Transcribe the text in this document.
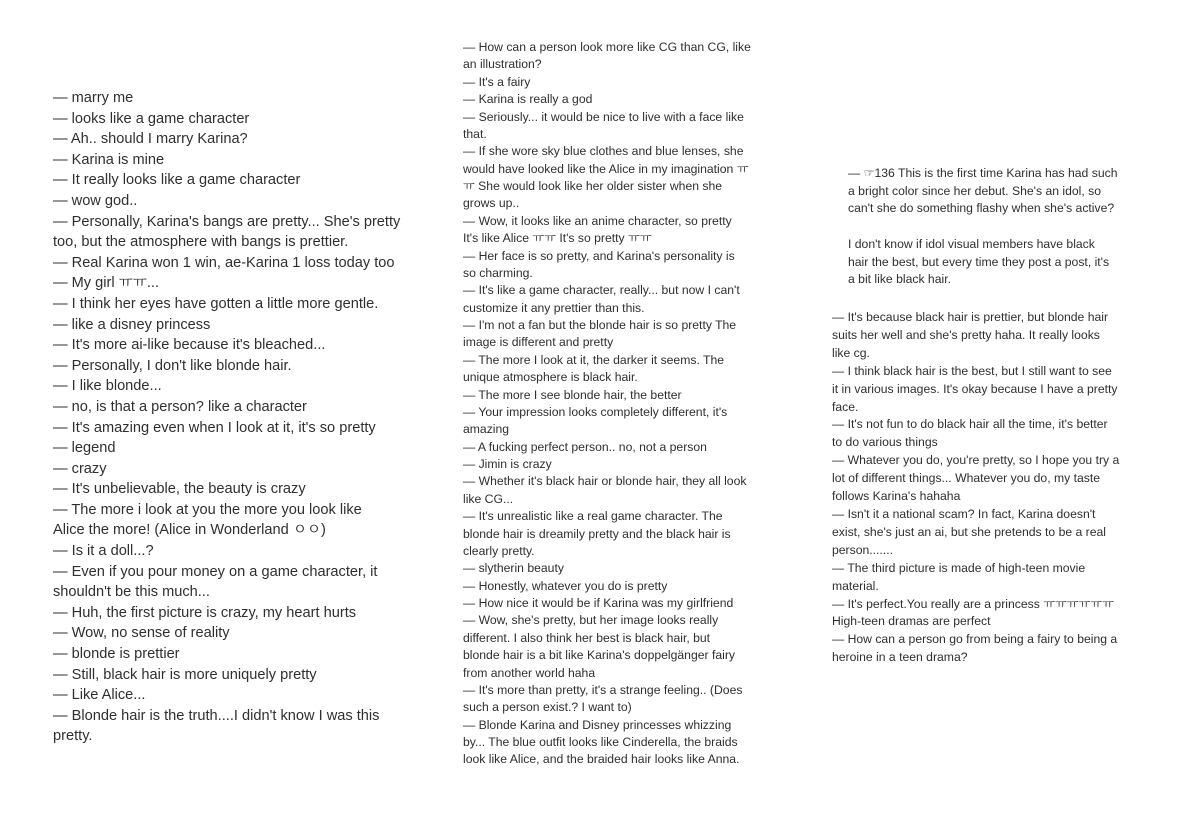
— marry me
— looks like a game character
— Ah.. should I marry Karina?
— Karina is mine
— It really looks like a game character
— wow god..
— Personally, Karina's bangs are pretty... She's pretty
too, but the atmosphere with bangs is prettier.
— Real Karina won 1 win, ae-Karina 1 loss today too
— My girl ㅠㅠ...
— I think her eyes have gotten a little more gentle.
— like a disney princess
— It's more ai-like because it's bleached...
— Personally, I don't like blonde hair.
— I like blonde...
— no, is that a person? like a character
— It's amazing even when I look at it, it's so pretty
— legend
— crazy
— It's unbelievable, the beauty is crazy
— The more i look at you the more you look like
Alice the more! (Alice in Wonderland ㅇㅇ)
— Is it a doll...?
— Even if you pour money on a game character, it
shouldn't be this much...
— Huh, the first picture is crazy, my heart hurts
— Wow, no sense of reality
— blonde is prettier
— Still, black hair is more uniquely pretty
— Like Alice...
— Blonde hair is the truth....I didn't know I was this
pretty.
— How can a person look more like CG than CG, like
an illustration?
— It's a fairy
— Karina is really a god
— Seriously... it would be nice to live with a face like
that.
— If she wore sky blue clothes and blue lenses, she
would have looked like the Alice in my imagination ㅠ
ㅠ She would look like her older sister when she
grows up..
— Wow, it looks like an anime character, so pretty
It's like Alice ㅠㅠ It's so pretty ㅠㅠ
— Her face is so pretty, and Karina's personality is
so charming.
— It's like a game character, really... but now I can't
customize it any prettier than this.
— I'm not a fan but the blonde hair is so pretty The
image is different and pretty
— The more I look at it, the darker it seems. The
unique atmosphere is black hair.
— The more I see blonde hair, the better
— Your impression looks completely different, it's
amazing
— A fucking perfect person.. no, not a person
— Jimin is crazy
— Whether it's black hair or blonde hair, they all look
like CG...
— It's unrealistic like a real game character. The
blonde hair is dreamily pretty and the black hair is
clearly pretty.
— slytherin beauty
— Honestly, whatever you do is pretty
— How nice it would be if Karina was my girlfriend
— Wow, she's pretty, but her image looks really
different. I also think her best is black hair, but
blonde hair is a bit like Karina's doppelgänger fairy
from another world haha
— It's more than pretty, it's a strange feeling.. (Does
such a person exist.? I want to)
— Blonde Karina and Disney princesses whizzing
by... The blue outfit looks like Cinderella, the braids
look like Alice, and the braided hair looks like Anna.
— ☞136 This is the first time Karina has had such
a bright color since her debut. She's an idol, so
can't she do something flashy when she's active?
I don't know if idol visual members have black
hair the best, but every time they post a post, it's
a bit like black hair.
— It's because black hair is prettier, but blonde hair
suits her well and she's pretty haha. It really looks
like cg.
— I think black hair is the best, but I still want to see
it in various images. It's okay because I have a pretty
face.
— It's not fun to do black hair all the time, it's better
to do various things
— Whatever you do, you're pretty, so I hope you try a
lot of different things... Whatever you do, my taste
follows Karina's hahaha
— Isn't it a national scam? In fact, Karina doesn't
exist, she's just an ai, but she pretends to be a real
person.......
— The third picture is made of high-teen movie
material.
— It's perfect.You really are a princess ㅠㅠㅠㅠㅠㅠ
High-teen dramas are perfect
— How can a person go from being a fairy to being a
heroine in a teen drama?
